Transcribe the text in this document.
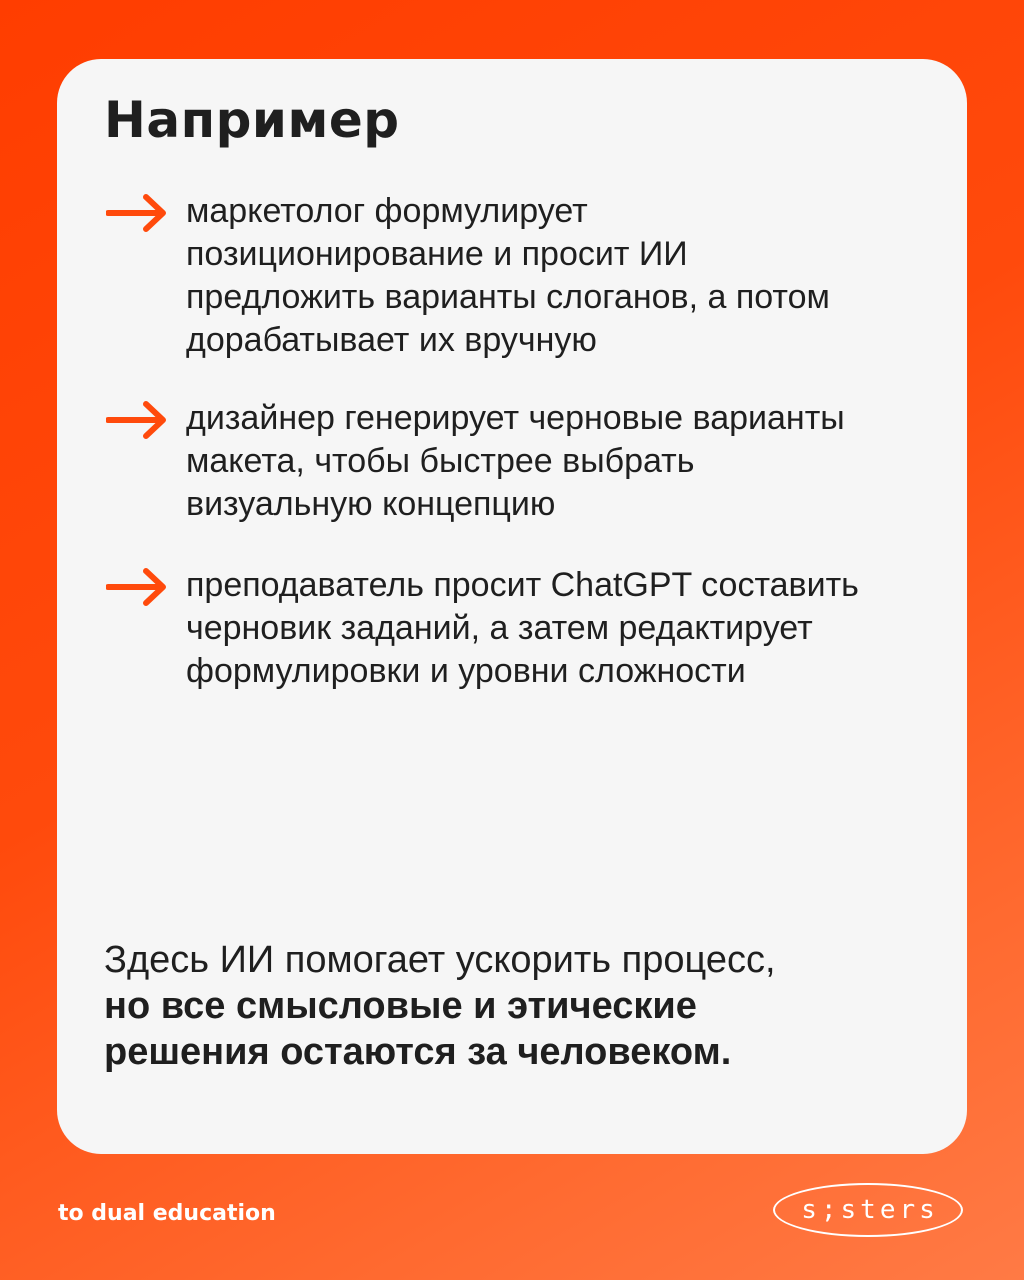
Например

маркетолог формулирует позиционирование и просит ИИ предложить варианты слоганов, а потом дорабатывает их вручную

дизайнер генерирует черновые варианты макета, чтобы быстрее выбрать визуальную концепцию

преподаватель просит ChatGPT составить черновик заданий, а затем редактирует формулировки и уровни сложности

Здесь ИИ помогает ускорить процесс, но все смысловые и этические решения остаются за человеком.

to dual education	s;sters
